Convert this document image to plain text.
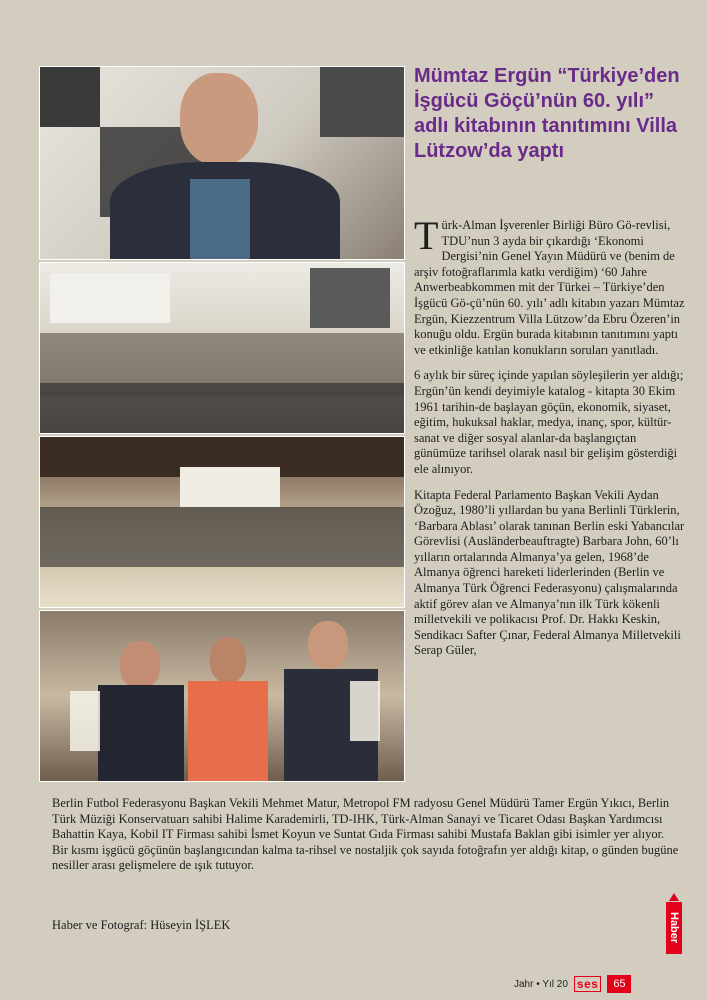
Mümtaz Ergün “Türkiye’den İşgücü Göçü’nün 60. yılı” adlı kitabının tanıtımını Villa Lützow’da yaptı

Türk-Alman İşverenler Birliği Büro Gö-revlisi, TDU’nun 3 ayda bir çıkardığı ‘Ekonomi Dergisi’nin Genel Yayın Müdürü ve (benim de arşiv fotoğraflarımla katkı verdiğim) ‘60 Jahre Anwerbeabkommen mit der Türkei – Türkiye’den İşgücü Gö-çü’nün 60. yılı’ adlı kitabın yazarı Mümtaz Ergün, Kiezzentrum Villa Lützow’da Ebru Özeren’in konuğu oldu. Ergün burada kitabının tanıtımını yaptı ve etkinliğe katılan konukların soruları yanıtladı.

6 aylık bir süreç içinde yapılan söyleşilerin yer aldığı; Ergün’ün kendi deyimiyle katalog - kitapta 30 Ekim 1961 tarihin-de başlayan göçün, ekonomik, siyaset, eğitim, hukuksal haklar, medya, inanç, spor, kültür-sanat ve diğer sosyal alanlar-da başlangıçtan günümüze tarihsel olarak nasıl bir gelişim gösterdiği ele alınıyor.

Kitapta Federal Parlamento Başkan Vekili Aydan Özoğuz, 1980’li yıllardan bu yana Berlinli Türklerin, ‘Barbara Ablası’ olarak tanınan Berlin eski Yabancılar Görevlisi (Ausländerbeauftragte) Barbara John, 60’lı yılların ortalarında Almanya’ya gelen, 1968’de Almanya öğrenci hareketi liderlerinden (Berlin ve Almanya Türk Öğrenci Federasyonu) çalışmalarında aktif görev alan ve Almanya’nın ilk Türk kökenli milletvekili ve polikacısı Prof. Dr. Hakkı Keskin, Sendikacı Safter Çınar, Federal Almanya Milletvekili Serap Güler,

Berlin Futbol Federasyonu Başkan Vekili Mehmet Matur, Metropol FM radyosu Genel Müdürü Tamer Ergün Yıkıcı, Berlin Türk Müziği Konservatuarı sahibi Halime Karademirli, TD-IHK, Türk-Alman Sanayi ve Ticaret Odası Başkan Yardımcısı Bahattin Kaya, Kobil IT Firması sahibi İsmet Koyun ve Suntat Gıda Firması sahibi Mustafa Baklan gibi isimler yer alıyor. Bir kısmı işgücü göçünün başlangıcından kalma ta-rihsel ve nostaljik çok sayıda fotoğrafın yer aldığı kitap, o günden bugüne nesiller arası gelişmelere de ışık tutuyor.

Haber ve Fotograf: Hüseyin İŞLEK	Haber
Jahr • Yıl 20 ses	65
